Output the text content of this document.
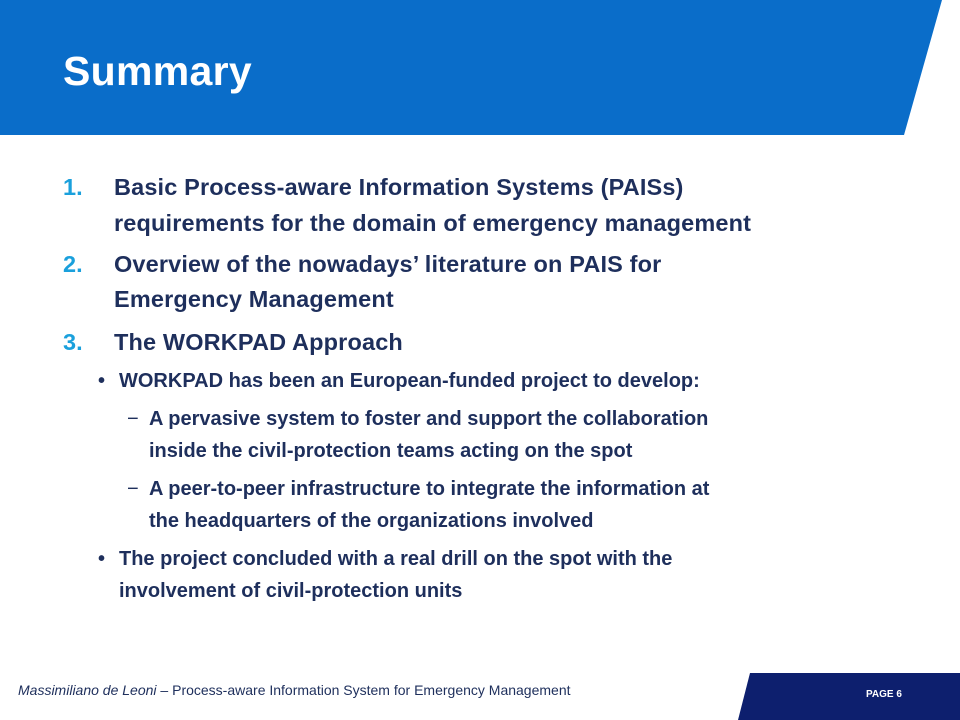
Summary
1. Basic Process-aware Information Systems (PAISs)
requirements for the domain of emergency management
2. Overview of the nowadays’ literature on PAIS for
Emergency Management
3. The WORKPAD Approach
• WORKPAD has been an European-funded project to develop:
− A pervasive system to foster and support the collaboration
inside the civil-protection teams acting on the spot
− A peer-to-peer infrastructure to integrate the information at
the headquarters of the organizations involved
• The project concluded with a real drill on the spot with the
involvement of civil-protection units
Massimiliano de Leoni – Process-aware Information System for Emergency Management	PAGE 6
